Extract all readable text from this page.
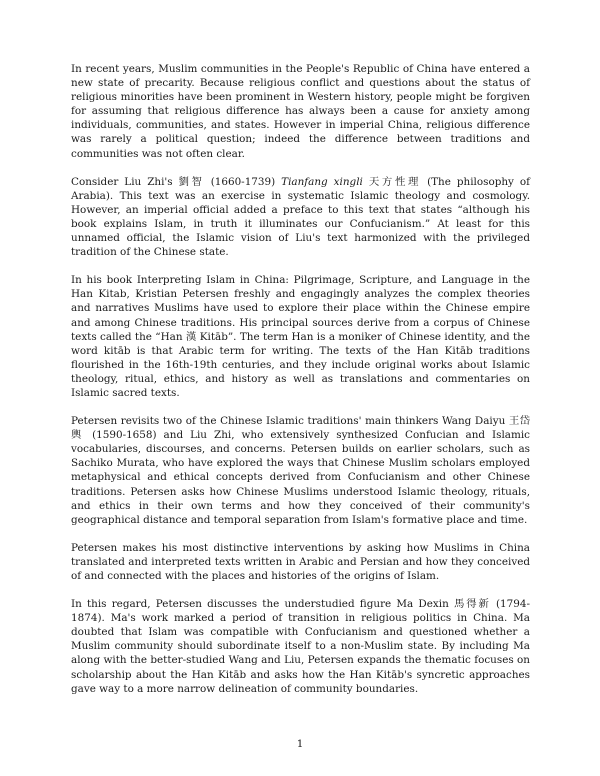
In recent years, Muslim communities in the People's Republic of China have entered a new state of precarity. Because religious conflict and questions about the status of religious minorities have been prominent in Western history, people might be forgiven for assuming that religious difference has always been a cause for anxiety among individuals, communities, and states. However in imperial China, religious difference was rarely a political question; indeed the difference between traditions and communities was not often clear.

Consider Liu Zhi's 劉智 (1660-1739) Tianfang xingli 天方性理 (The philosophy of Arabia). This text was an exercise in systematic Islamic theology and cosmology. However, an imperial official added a preface to this text that states “although his book explains Islam, in truth it illuminates our Confucianism.” At least for this unnamed official, the Islamic vision of Liu's text harmonized with the privileged tradition of the Chinese state.

In his book Interpreting Islam in China: Pilgrimage, Scripture, and Language in the Han Kitab, Kristian Petersen freshly and engagingly analyzes the complex theories and narratives Muslims have used to explore their place within the Chinese empire and among Chinese traditions. His principal sources derive from a corpus of Chinese texts called the “Han 漢 Kitāb”. The term Han is a moniker of Chinese identity, and the word kitāb is that Arabic term for writing. The texts of the Han Kitāb traditions flourished in the 16th-19th centuries, and they include original works about Islamic theology, ritual, ethics, and history as well as translations and commentaries on Islamic sacred texts.

Petersen revisits two of the Chinese Islamic traditions' main thinkers Wang Daiyu 王岱輿 (1590-1658) and Liu Zhi, who extensively synthesized Confucian and Islamic vocabularies, discourses, and concerns. Petersen builds on earlier scholars, such as Sachiko Murata, who have explored the ways that Chinese Muslim scholars employed metaphysical and ethical concepts derived from Confucianism and other Chinese traditions. Petersen asks how Chinese Muslims understood Islamic theology, rituals, and ethics in their own terms and how they conceived of their community's geographical distance and temporal separation from Islam's formative place and time.

Petersen makes his most distinctive interventions by asking how Muslims in China translated and interpreted texts written in Arabic and Persian and how they conceived of and connected with the places and histories of the origins of Islam.

In this regard, Petersen discusses the understudied figure Ma Dexin 馬得新 (1794-1874). Ma's work marked a period of transition in religious politics in China. Ma doubted that Islam was compatible with Confucianism and questioned whether a Muslim community should subordinate itself to a non-Muslim state. By including Ma along with the better-studied Wang and Liu, Petersen expands the thematic focuses on scholarship about the Han Kitāb and asks how the Han Kitāb's syncretic approaches gave way to a more narrow delineation of community boundaries.

1
